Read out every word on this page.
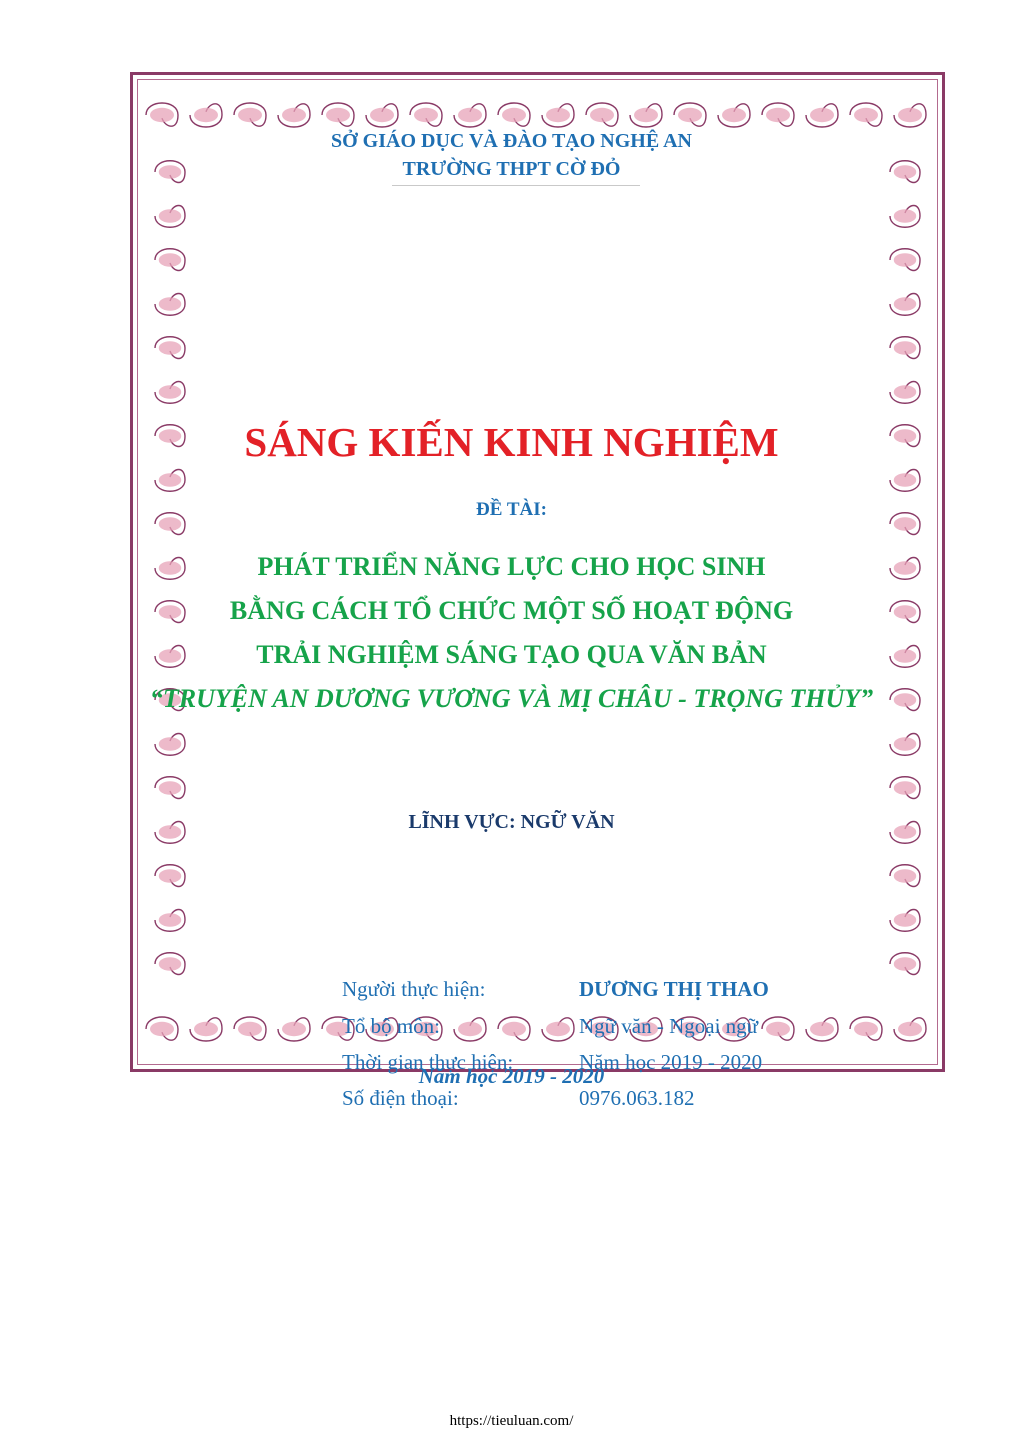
SỞ GIÁO DỤC VÀ ĐÀO TẠO NGHỆ AN
TRƯỜNG THPT CỜ ĐỎ
SÁNG KIẾN KINH NGHIỆM
ĐỀ TÀI:
PHÁT TRIỂN NĂNG LỰC CHO HỌC SINH
BẰNG CÁCH TỔ CHỨC MỘT SỐ HOẠT ĐỘNG
TRẢI NGHIỆM SÁNG TẠO QUA VĂN BẢN
“TRUYỆN AN DƯƠNG VƯƠNG VÀ MỊ CHÂU - TRỌNG THỦY”
LĨNH VỰC: NGỮ VĂN
Người thực hiện:	DƯƠNG THỊ THAO
Tổ bộ môn:	Ngữ văn - Ngoại ngữ
Thời gian thực hiện:	Năm học 2019 - 2020
Số điện thoại:	0976.063.182
Năm học 2019 - 2020
https://tieuluan.com/
